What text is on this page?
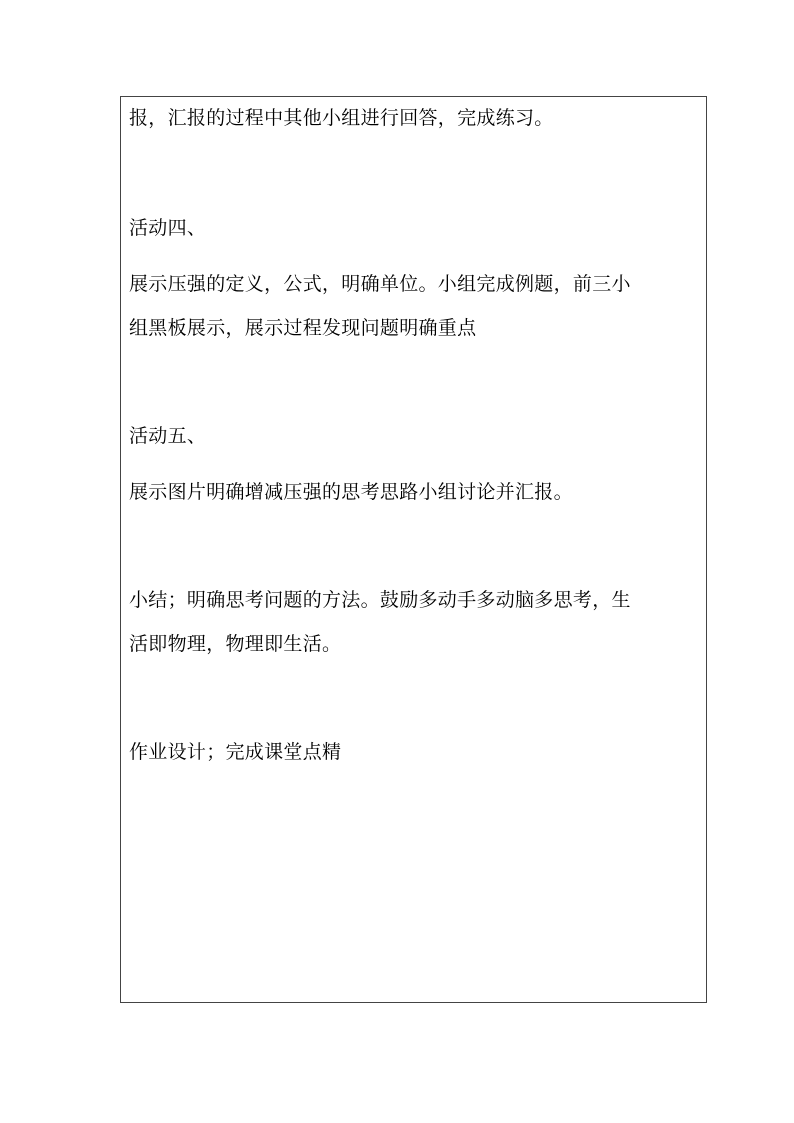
报，汇报的过程中其他小组进行回答，完成练习。
活动四、
展示压强的定义，公式，明确单位。小组完成例题，前三小
组黑板展示，展示过程发现问题明确重点
活动五、
展示图片明确增减压强的思考思路小组讨论并汇报。
小结；明确思考问题的方法。鼓励多动手多动脑多思考，生
活即物理，物理即生活。
作业设计；完成课堂点精
